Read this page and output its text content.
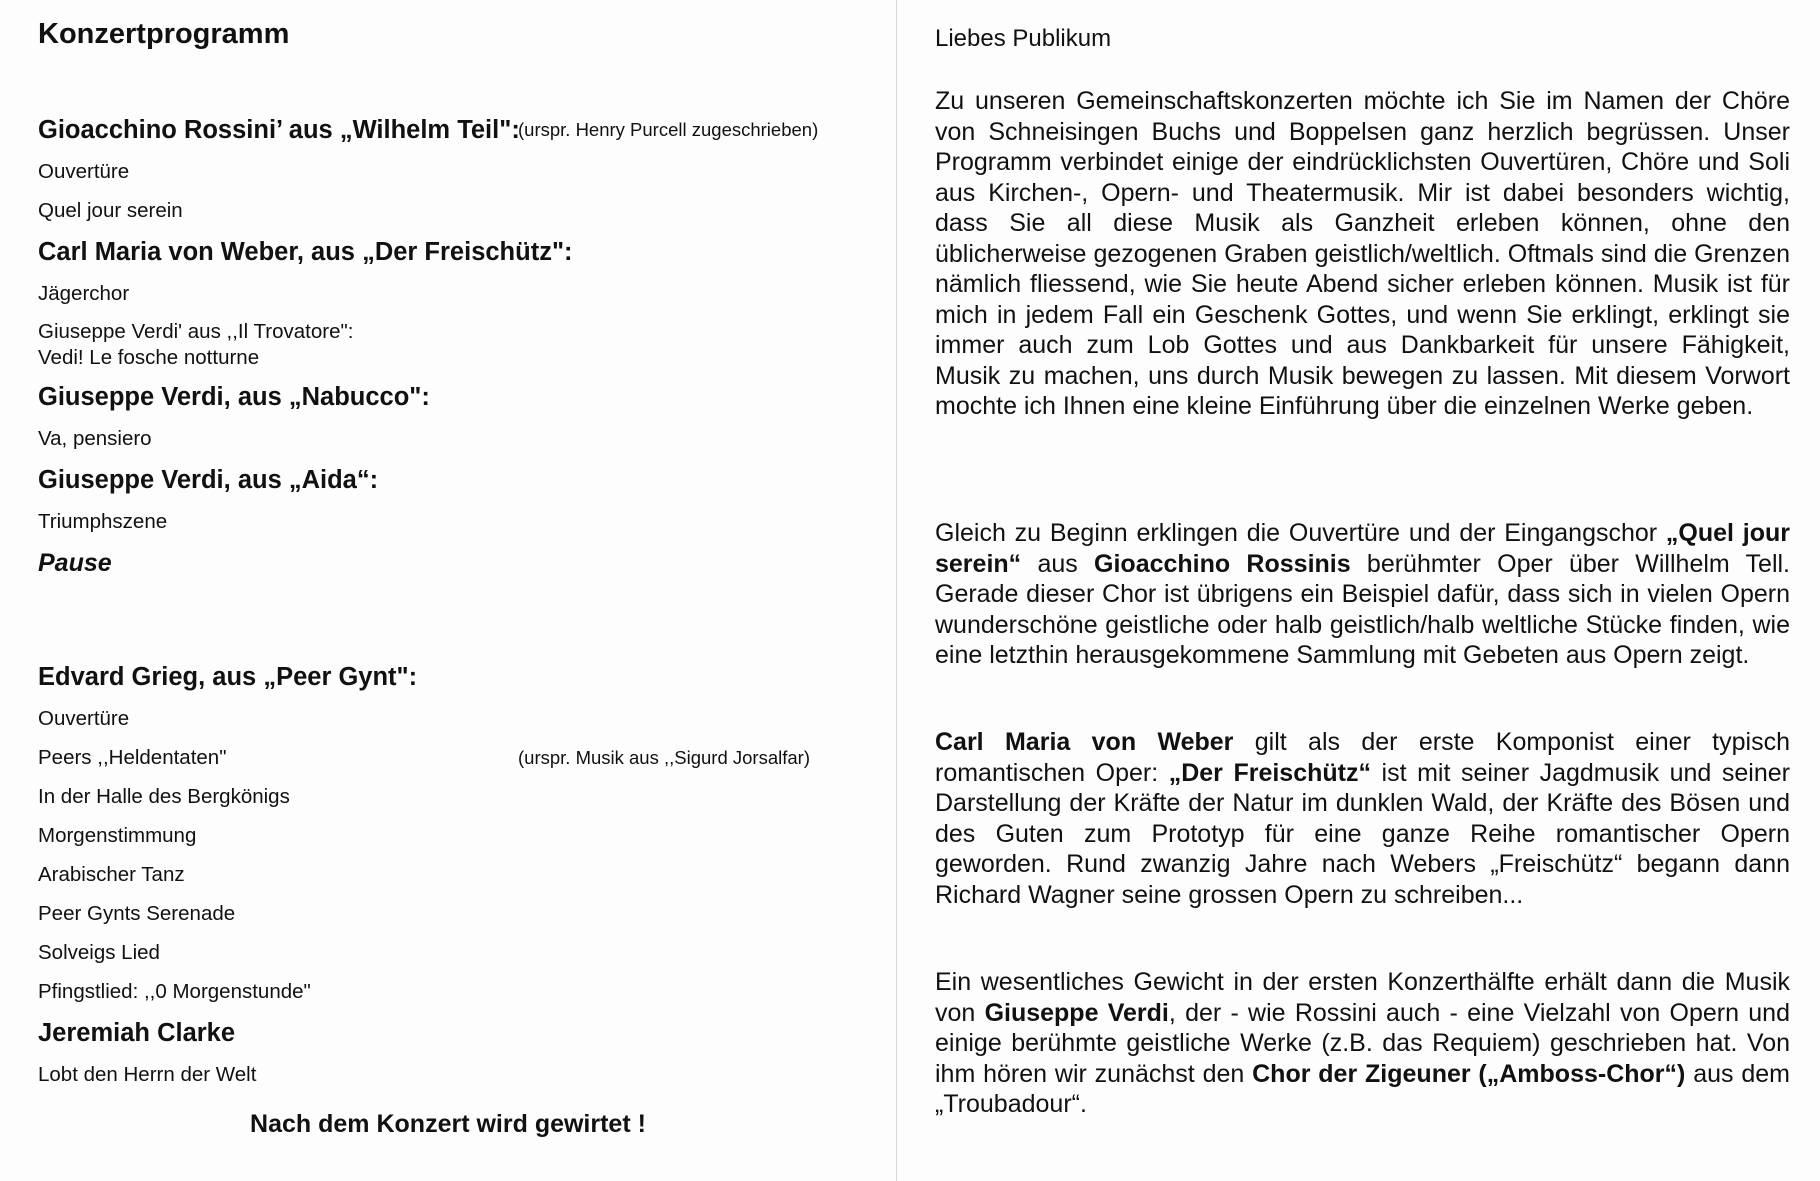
Konzertprogramm
Gioacchino Rossini’ aus „Wilhelm Teil":
Ouvertüre
Quel jour serein
Carl Maria von Weber, aus „Der Freischütz":
Jägerchor
Giuseppe Verdi' aus ,,Il Trovatore":
Vedi! Le fosche notturne
Giuseppe Verdi, aus „Nabucco":
Va, pensiero
Giuseppe Verdi, aus „Aida“:
Triumphszene
Pause
Edvard Grieg, aus „Peer Gynt":
Ouvertüre
Peers ,,Heldentaten"	(urspr. Musik aus ,,Sigurd Jorsalfar)
In der Halle des Bergkönigs
Morgenstimmung
Arabischer Tanz
Peer Gynts Serenade
Solveigs Lied
Pfingstlied: ,,0 Morgenstunde"
Jeremiah Clarke
(urspr. Henry Purcell zugeschrieben)
Lobt den Herrn der Welt

Nach dem Konzert wird gewirtet !

Liebes Publikum

Zu unseren Gemeinschaftskonzerten möchte ich Sie im Namen der Chöre von Schneisingen Buchs und Boppelsen ganz herzlich begrüssen. Unser Programm verbindet einige der eindrücklichsten Ouvertüren, Chöre und Soli aus Kirchen-, Opern- und Theatermusik. Mir ist dabei besonders wichtig, dass Sie all diese Musik als Ganzheit erleben können, ohne den üblicherweise gezogenen Graben geistlich/weltlich. Oftmals sind die Grenzen nämlich fliessend, wie Sie heute Abend sicher erleben können. Musik ist für mich in jedem Fall ein Geschenk Gottes, und wenn Sie erklingt, erklingt sie immer auch zum Lob Gottes und aus Dankbarkeit für unsere Fähigkeit, Musik zu machen, uns durch Musik bewegen zu lassen. Mit diesem Vorwort mochte ich Ihnen eine kleine Einführung über die einzelnen Werke geben.

Gleich zu Beginn erklingen die Ouvertüre und der Eingangschor „Quel jour serein“ aus Gioacchino Rossinis berühmter Oper über Willhelm Tell. Gerade dieser Chor ist übrigens ein Beispiel dafür, dass sich in vielen Opern wunderschöne geistliche oder halb geistlich/halb weltliche Stücke finden, wie eine letzthin herausgekommene Sammlung mit Gebeten aus Opern zeigt.

Carl Maria von Weber gilt als der erste Komponist einer typisch romantischen Oper: „Der Freischütz“ ist mit seiner Jagdmusik und seiner Darstellung der Kräfte der Natur im dunklen Wald, der Kräfte des Bösen und des Guten zum Prototyp für eine ganze Reihe romantischer Opern geworden. Rund zwanzig Jahre nach Webers „Freischütz“ begann dann Richard Wagner seine grossen Opern zu schreiben...

Ein wesentliches Gewicht in der ersten Konzerthälfte erhält dann die Musik von Giuseppe Verdi, der - wie Rossini auch - eine Vielzahl von Opern und einige berühmte geistliche Werke (z.B. das Requiem) geschrieben hat. Von ihm hören wir zunächst den Chor der Zigeuner („Amboss-Chor“) aus dem „Troubadour“.
